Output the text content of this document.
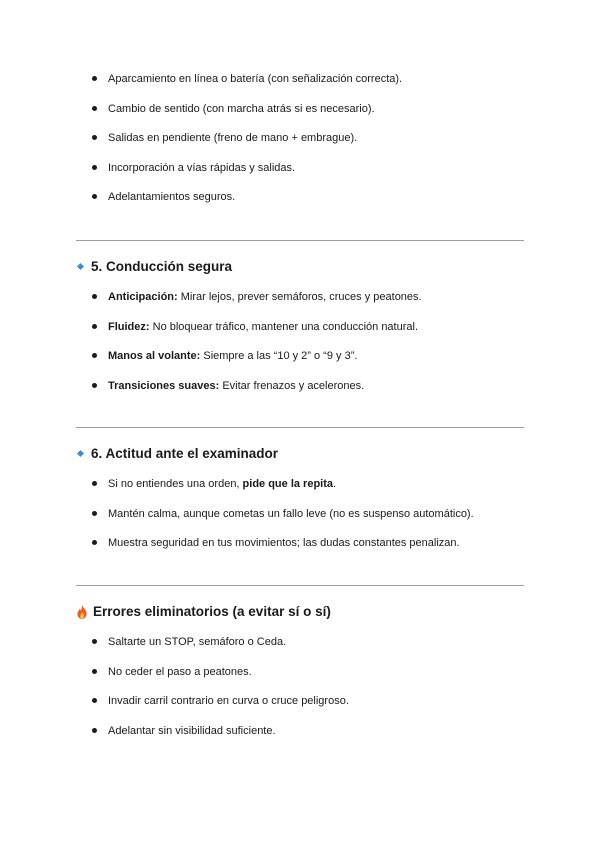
Aparcamiento en línea o batería (con señalización correcta).
Cambio de sentido (con marcha atrás si es necesario).
Salidas en pendiente (freno de mano + embrague).
Incorporación a vías rápidas y salidas.
Adelantamientos seguros.
5. Conducción segura
Anticipación: Mirar lejos, prever semáforos, cruces y peatones.
Fluidez: No bloquear tráfico, mantener una conducción natural.
Manos al volante: Siempre a las “10 y 2” o “9 y 3”.
Transiciones suaves: Evitar frenazos y acelerones.
6. Actitud ante el examinador
Si no entiendes una orden, pide que la repita.
Mantén calma, aunque cometas un fallo leve (no es suspenso automático).
Muestra seguridad en tus movimientos; las dudas constantes penalizan.
Errores eliminatorios (a evitar sí o sí)
Saltarte un STOP, semáforo o Ceda.
No ceder el paso a peatones.
Invadir carril contrario en curva o cruce peligroso.
Adelantar sin visibilidad suficiente.
